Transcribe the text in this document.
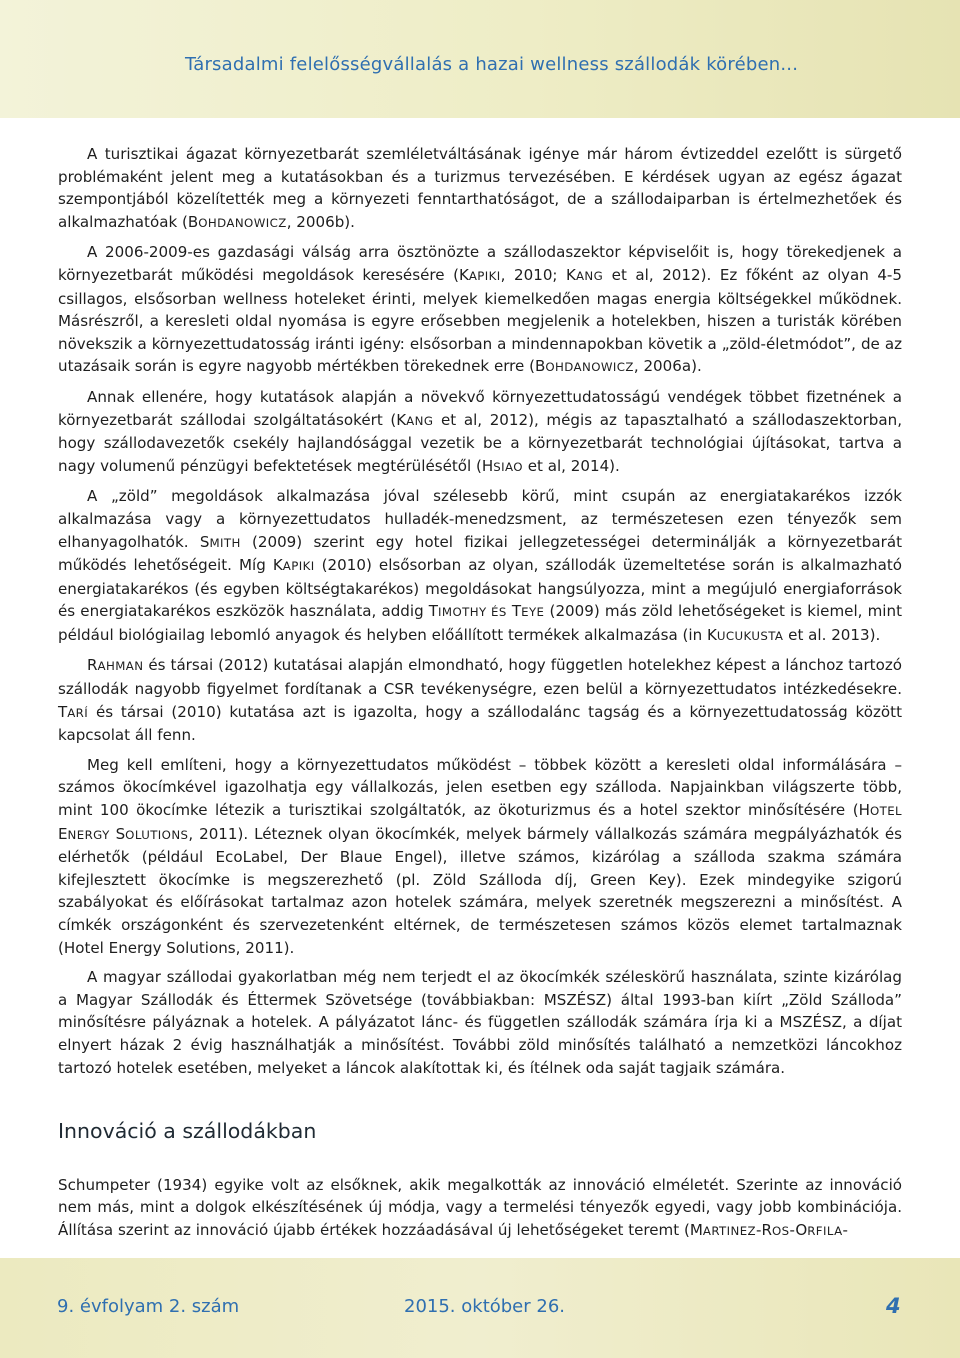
Társadalmi felelősségvállalás a hazai wellness szállodák körében...

A turisztikai ágazat környezetbarát szemléletváltásának igénye már három évtizeddel ezelőtt is sürgető problémaként jelent meg a kutatásokban és a turizmus tervezésében. E kérdések ugyan az egész ágazat szempontjából közelítették meg a környezeti fenntarthatóságot, de a szállodaiparban is értelmezhetőek és alkalmazhatóak (BOHDANOWICZ, 2006b).

A 2006-2009-es gazdasági válság arra ösztönözte a szállodaszektor képviselőit is, hogy törekedjenek a környezetbarát működési megoldások keresésére (KAPIKI, 2010; KANG et al, 2012). Ez főként az olyan 4-5 csillagos, elsősorban wellness hoteleket érinti, melyek kiemelkedően magas energia költségekkel működnek. Másrészről, a keresleti oldal nyomása is egyre erősebben megjelenik a hotelekben, hiszen a turisták körében növekszik a környezettudatosság iránti igény: elsősorban a mindennapokban követik a „zöld-életmódot”, de az utazásaik során is egyre nagyobb mértékben törekednek erre (BOHDANOWICZ, 2006a).

Annak ellenére, hogy kutatások alapján a növekvő környezettudatosságú vendégek többet fizetnének a környezetbarát szállodai szolgáltatásokért (KANG et al, 2012), mégis az tapasztalható a szállodaszektorban, hogy szállodavezetők csekély hajlandósággal vezetik be a környezetbarát technológiai újításokat, tartva a nagy volumenű pénzügyi befektetések megtérülésétől (HSIAO et al, 2014).

A „zöld” megoldások alkalmazása jóval szélesebb körű, mint csupán az energiatakarékos izzók alkalmazása vagy a környezettudatos hulladék-menedzsment, az természetesen ezen tényezők sem elhanyagolhatók. SMITH (2009) szerint egy hotel fizikai jellegzetességei determinálják a környezetbarát működés lehetőségeit. Míg KAPIKI (2010) elsősorban az olyan, szállodák üzemeltetése során is alkalmazható energiatakarékos (és egyben költségtakarékos) megoldásokat hangsúlyozza, mint a megújuló energiaforrások és energiatakarékos eszközök használata, addig TIMOTHY ÉS TEYE (2009) más zöld lehetőségeket is kiemel, mint például biológiailag lebomló anyagok és helyben előállított termékek alkalmazása (in KUCUKUSTA et al. 2013).

RAHMAN és társai (2012) kutatásai alapján elmondható, hogy független hotelekhez képest a lánchoz tartozó szállodák nagyobb figyelmet fordítanak a CSR tevékenységre, ezen belül a környezettudatos intézkedésekre. TARÍ és társai (2010) kutatása azt is igazolta, hogy a szállodalánc tagság és a környezettudatosság között kapcsolat áll fenn.

Meg kell említeni, hogy a környezettudatos működést – többek között a keresleti oldal informálására – számos ökocímkével igazolhatja egy vállalkozás, jelen esetben egy szálloda. Napjainkban világszerte több, mint 100 ökocímke létezik a turisztikai szolgáltatók, az ökoturizmus és a hotel szektor minősítésére (HOTEL ENERGY SOLUTIONS, 2011). Léteznek olyan ökocímkék, melyek bármely vállalkozás számára megpályázhatók és elérhetők (például EcoLabel, Der Blaue Engel), illetve számos, kizárólag a szálloda szakma számára kifejlesztett ökocímke is megszerezhető (pl. Zöld Szálloda díj, Green Key). Ezek mindegyike szigorú szabályokat és előírásokat tartalmaz azon hotelek számára, melyek szeretnék megszerezni a minősítést. A címkék országonként és szervezetenként eltérnek, de természetesen számos közös elemet tartalmaznak (Hotel Energy Solutions, 2011).

A magyar szállodai gyakorlatban még nem terjedt el az ökocímkék széleskörű használata, szinte kizárólag a Magyar Szállodák és Éttermek Szövetsége (továbbiakban: MSZÉSZ) által 1993-ban kiírt „Zöld Szálloda” minősítésre pályáznak a hotelek. A pályázatot lánc- és független szállodák számára írja ki a MSZÉSZ, a díjat elnyert házak 2 évig használhatják a minősítést. További zöld minősítés található a nemzetközi láncokhoz tartozó hotelek esetében, melyeket a láncok alakítottak ki, és ítélnek oda saját tagjaik számára.

Innováció a szállodákban

Schumpeter (1934) egyike volt az elsőknek, akik megalkották az innováció elméletét. Szerinte az innováció nem más, mint a dolgok elkészítésének új módja, vagy a termelési tényezők egyedi, vagy jobb kombinációja. Állítása szerint az innováció újabb értékek hozzáadásával új lehetőségeket teremt (MARTINEZ-ROS-ORFILA-

9. évfolyam 2. szám	2015. október 26.	4
